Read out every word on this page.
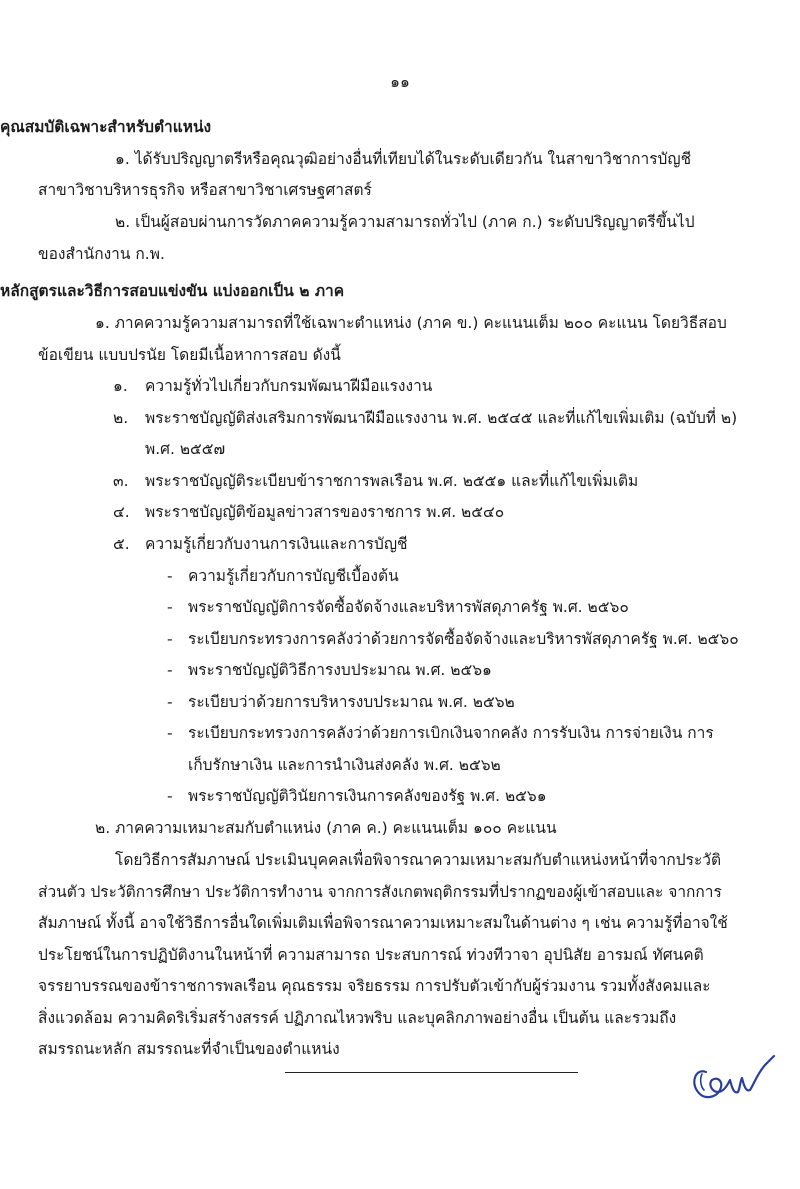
๑๑
คุณสมบัติเฉพาะสำหรับตำแหน่ง
๑. ได้รับปริญญาตรีหรือคุณวุฒิอย่างอื่นที่เทียบได้ในระดับเดียวกัน ในสาขาวิชาการบัญชี
สาขาวิชาบริหารธุรกิจ หรือสาขาวิชาเศรษฐศาสตร์
๒. เป็นผู้สอบผ่านการวัดภาคความรู้ความสามารถทั่วไป (ภาค ก.) ระดับปริญญาตรีขึ้นไป
ของสำนักงาน ก.พ.
หลักสูตรและวิธีการสอบแข่งขัน แบ่งออกเป็น ๒ ภาค
๑. ภาคความรู้ความสามารถที่ใช้เฉพาะตำแหน่ง (ภาค ข.) คะแนนเต็ม ๒๐๐ คะแนน โดยวิธีสอบ
ข้อเขียน แบบปรนัย โดยมีเนื้อหาการสอบ ดังนี้
๑. ความรู้ทั่วไปเกี่ยวกับกรมพัฒนาฝีมือแรงงาน
๒. พระราชบัญญัติส่งเสริมการพัฒนาฝีมือแรงงาน พ.ศ. ๒๕๔๕ และที่แก้ไขเพิ่มเติม (ฉบับที่ ๒)
พ.ศ. ๒๕๕๗
๓. พระราชบัญญัติระเบียบข้าราชการพลเรือน พ.ศ. ๒๕๕๑ และที่แก้ไขเพิ่มเติม
๔. พระราชบัญญัติข้อมูลข่าวสารของราชการ พ.ศ. ๒๕๔๐
๕. ความรู้เกี่ยวกับงานการเงินและการบัญชี
- ความรู้เกี่ยวกับการบัญชีเบื้องต้น
- พระราชบัญญัติการจัดซื้อจัดจ้างและบริหารพัสดุภาครัฐ พ.ศ. ๒๕๖๐
- ระเบียบกระทรวงการคลังว่าด้วยการจัดซื้อจัดจ้างและบริหารพัสดุภาครัฐ พ.ศ. ๒๕๖๐
- พระราชบัญญัติวิธีการงบประมาณ พ.ศ. ๒๕๖๑
- ระเบียบว่าด้วยการบริหารงบประมาณ พ.ศ. ๒๕๖๒
- ระเบียบกระทรวงการคลังว่าด้วยการเบิกเงินจากคลัง การรับเงิน การจ่ายเงิน การ
เก็บรักษาเงิน และการนำเงินส่งคลัง พ.ศ. ๒๕๖๒
- พระราชบัญญัติวินัยการเงินการคลังของรัฐ พ.ศ. ๒๕๖๑
๒. ภาคความเหมาะสมกับตำแหน่ง (ภาค ค.) คะแนนเต็ม ๑๐๐ คะแนน
โดยวิธีการสัมภาษณ์ ประเมินบุคคลเพื่อพิจารณาความเหมาะสมกับตำแหน่งหน้าที่จากประวัติ
ส่วนตัว ประวัติการศึกษา ประวัติการทำงาน จากการสังเกตพฤติกรรมที่ปรากฏของผู้เข้าสอบและ จากการ
สัมภาษณ์ ทั้งนี้ อาจใช้วิธีการอื่นใดเพิ่มเติมเพื่อพิจารณาความเหมาะสมในด้านต่าง ๆ เช่น ความรู้ที่อาจใช้
ประโยชน์ในการปฏิบัติงานในหน้าที่ ความสามารถ ประสบการณ์ ท่วงทีวาจา อุปนิสัย อารมณ์ ทัศนคติ
จรรยาบรรณของข้าราชการพลเรือน คุณธรรม จริยธรรม การปรับตัวเข้ากับผู้ร่วมงาน รวมทั้งสังคมและ
สิ่งแวดล้อม ความคิดริเริ่มสร้างสรรค์ ปฏิภาณไหวพริบ และบุคลิกภาพอย่างอื่น เป็นต้น และรวมถึง
สมรรถนะหลัก สมรรถนะที่จำเป็นของตำแหน่ง
